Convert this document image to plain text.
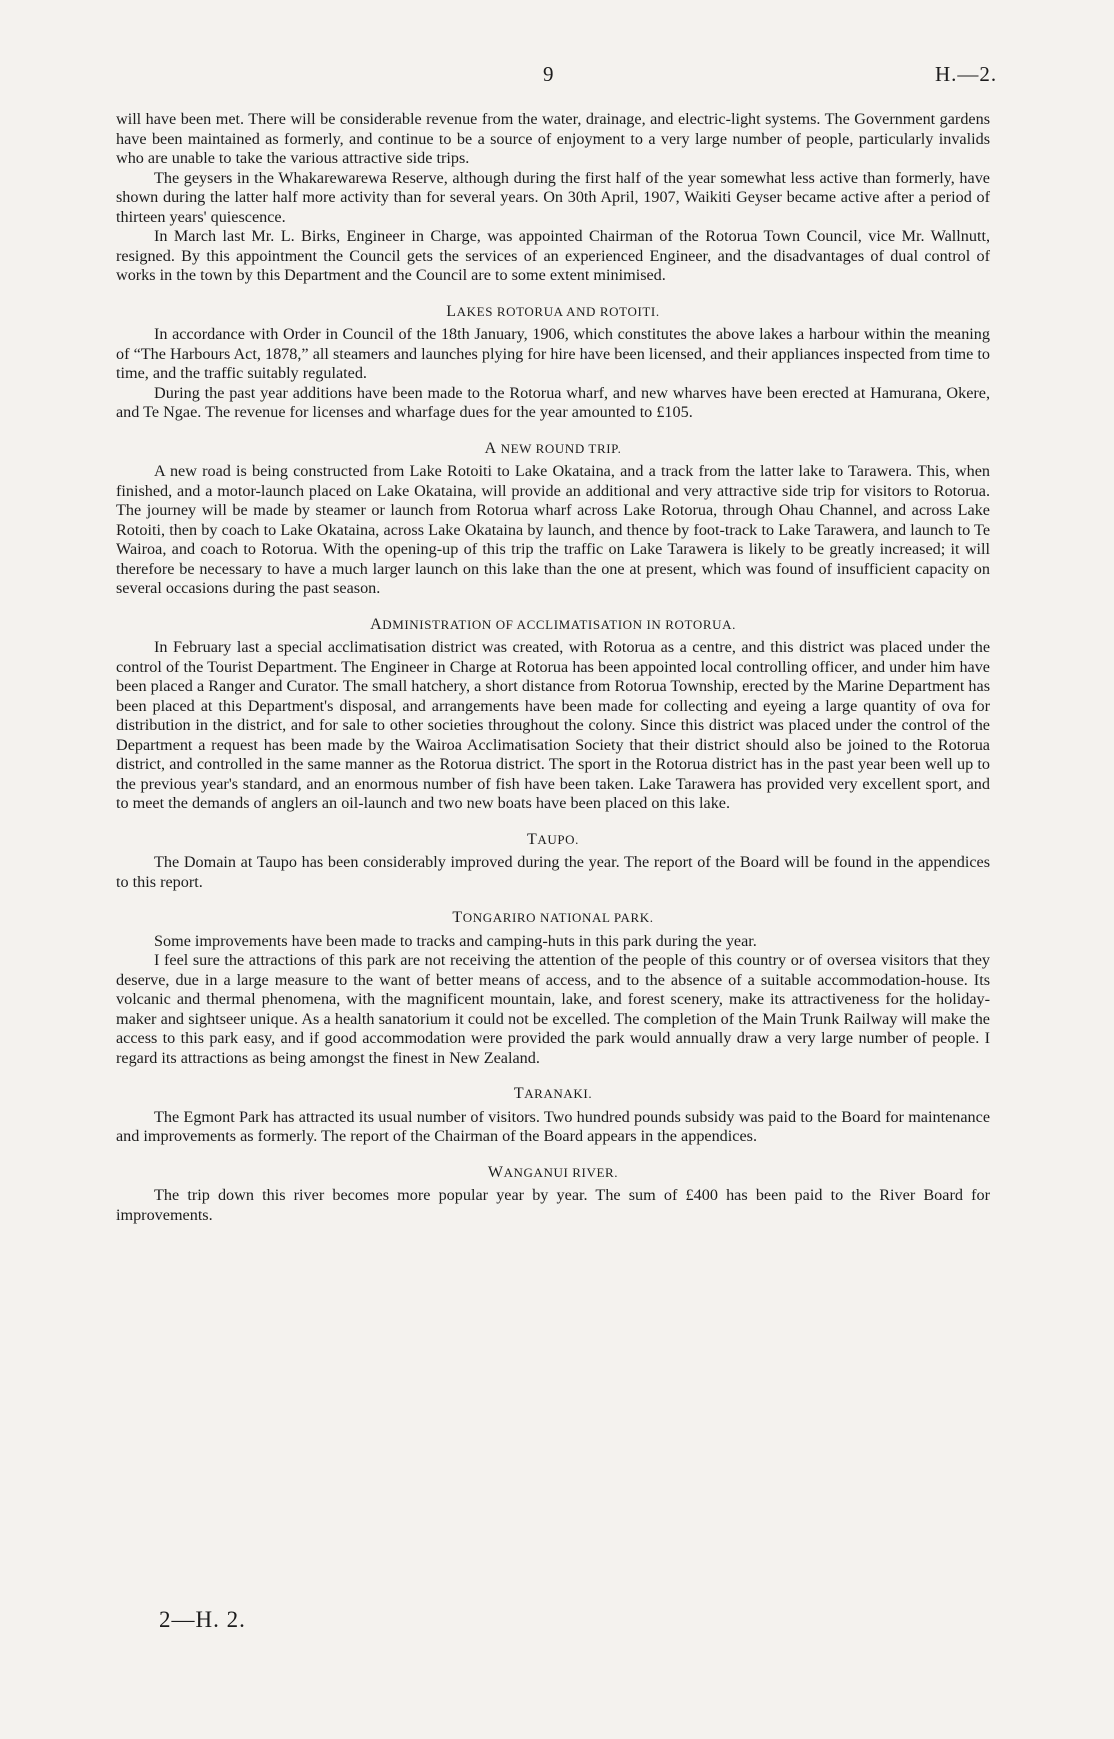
9	H.—2.

will have been met. There will be considerable revenue from the water, drainage, and electric-light systems. The Government gardens have been maintained as formerly, and continue to be a source of enjoyment to a very large number of people, particularly invalids who are unable to take the various attractive side trips.

The geysers in the Whakarewarewa Reserve, although during the first half of the year somewhat less active than formerly, have shown during the latter half more activity than for several years. On 30th April, 1907, Waikiti Geyser became active after a period of thirteen years' quiescence.

In March last Mr. L. Birks, Engineer in Charge, was appointed Chairman of the Rotorua Town Council, vice Mr. Wallnutt, resigned. By this appointment the Council gets the services of an experienced Engineer, and the disadvantages of dual control of works in the town by this Department and the Council are to some extent minimised.

LAKES ROTORUA AND ROTOITI.

In accordance with Order in Council of the 18th January, 1906, which constitutes the above lakes a harbour within the meaning of “The Harbours Act, 1878,” all steamers and launches plying for hire have been licensed, and their appliances inspected from time to time, and the traffic suitably regulated.

During the past year additions have been made to the Rotorua wharf, and new wharves have been erected at Hamurana, Okere, and Te Ngae. The revenue for licenses and wharfage dues for the year amounted to £105.

A NEW ROUND TRIP.

A new road is being constructed from Lake Rotoiti to Lake Okataina, and a track from the latter lake to Tarawera. This, when finished, and a motor-launch placed on Lake Okataina, will provide an additional and very attractive side trip for visitors to Rotorua. The journey will be made by steamer or launch from Rotorua wharf across Lake Rotorua, through Ohau Channel, and across Lake Rotoiti, then by coach to Lake Okataina, across Lake Okataina by launch, and thence by foot-track to Lake Tarawera, and launch to Te Wairoa, and coach to Rotorua. With the opening-up of this trip the traffic on Lake Tarawera is likely to be greatly increased; it will therefore be necessary to have a much larger launch on this lake than the one at present, which was found of insufficient capacity on several occasions during the past season.

ADMINISTRATION OF ACCLIMATISATION IN ROTORUA.

In February last a special acclimatisation district was created, with Rotorua as a centre, and this district was placed under the control of the Tourist Department. The Engineer in Charge at Rotorua has been appointed local controlling officer, and under him have been placed a Ranger and Curator. The small hatchery, a short distance from Rotorua Township, erected by the Marine Department has been placed at this Department's disposal, and arrangements have been made for collecting and eyeing a large quantity of ova for distribution in the district, and for sale to other societies throughout the colony. Since this district was placed under the control of the Department a request has been made by the Wairoa Acclimatisation Society that their district should also be joined to the Rotorua district, and controlled in the same manner as the Rotorua district. The sport in the Rotorua district has in the past year been well up to the previous year's standard, and an enormous number of fish have been taken. Lake Tarawera has provided very excellent sport, and to meet the demands of anglers an oil-launch and two new boats have been placed on this lake.

TAUPO.

The Domain at Taupo has been considerably improved during the year. The report of the Board will be found in the appendices to this report.

TONGARIRO NATIONAL PARK.

Some improvements have been made to tracks and camping-huts in this park during the year.

I feel sure the attractions of this park are not receiving the attention of the people of this country or of oversea visitors that they deserve, due in a large measure to the want of better means of access, and to the absence of a suitable accommodation-house. Its volcanic and thermal phenomena, with the magnificent mountain, lake, and forest scenery, make its attractiveness for the holiday-maker and sightseer unique. As a health sanatorium it could not be excelled. The completion of the Main Trunk Railway will make the access to this park easy, and if good accommodation were provided the park would annually draw a very large number of people. I regard its attractions as being amongst the finest in New Zealand.

TARANAKI.

The Egmont Park has attracted its usual number of visitors. Two hundred pounds subsidy was paid to the Board for maintenance and improvements as formerly. The report of the Chairman of the Board appears in the appendices.

WANGANUI RIVER.

The trip down this river becomes more popular year by year. The sum of £400 has been paid to the River Board for improvements.

2—H. 2.
